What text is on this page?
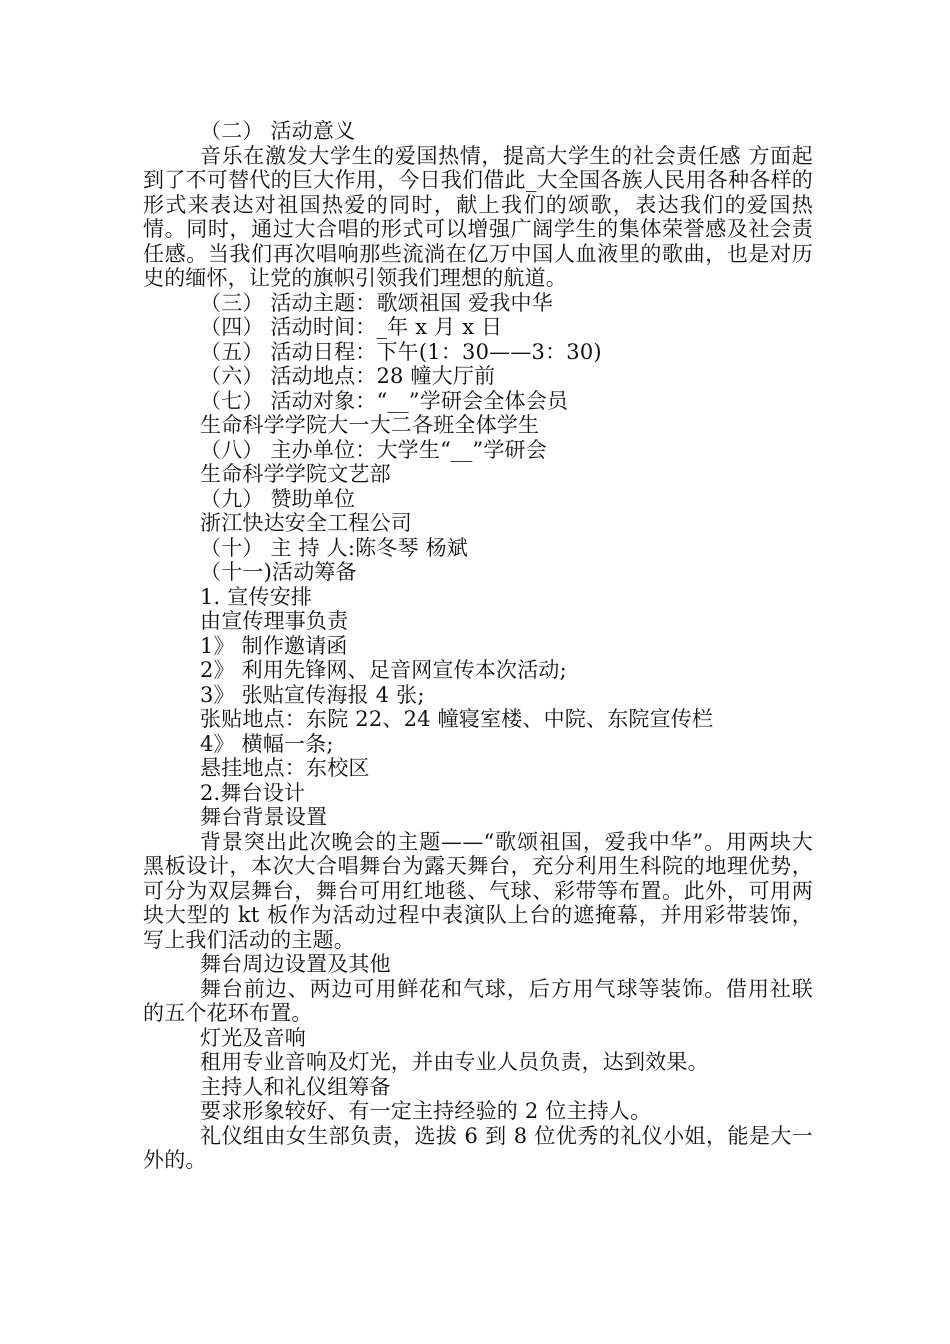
（二） 活动意义
音乐在激发大学生的爱国热情，提高大学生的社会责任感 方面起到了不可替代的巨大作用，今日我们借此_大全国各族人民用各种各样的形式来表达对祖国热爱的同时，献上我们的颂歌，表达我们的爱国热情。同时，通过大合唱的形式可以增强广阔学生的集体荣誉感及社会责任感。当我们再次唱响那些流淌在亿万中国人血液里的歌曲，也是对历史的缅怀，让党的旗帜引领我们理想的航道。
（三） 活动主题：歌颂祖国 爱我中华
（四） 活动时间：_年 x 月 x 日
（五） 活动日程：下午(1：30——3：30)
（六） 活动地点：28 幢大厅前
（七） 活动对象：“__”学研会全体会员
生命科学学院大一大二各班全体学生
（八） 主办单位：大学生“__”学研会
生命科学学院文艺部
（九） 赞助单位
浙江快达安全工程公司
（十） 主 持 人:陈冬琴 杨斌
（十一)活动筹备
1. 宣传安排
由宣传理事负责
1》 制作邀请函
2》 利用先锋网、足音网宣传本次活动;
3》 张贴宣传海报 4 张;
张贴地点：东院 22、24 幢寝室楼、中院、东院宣传栏
4》 横幅一条;
悬挂地点：东校区
2.舞台设计
舞台背景设置
背景突出此次晚会的主题——“歌颂祖国，爱我中华”。用两块大黑板设计，本次大合唱舞台为露天舞台，充分利用生科院的地理优势，可分为双层舞台，舞台可用红地毯、气球、彩带等布置。此外，可用两块大型的 kt 板作为活动过程中表演队上台的遮掩幕，并用彩带装饰，写上我们活动的主题。
舞台周边设置及其他
舞台前边、两边可用鲜花和气球，后方用气球等装饰。借用社联的五个花环布置。
灯光及音响
租用专业音响及灯光，并由专业人员负责，达到效果。
主持人和礼仪组筹备
要求形象较好、有一定主持经验的 2 位主持人。
礼仪组由女生部负责，选拔 6 到 8 位优秀的礼仪小姐，能是大一外的。
